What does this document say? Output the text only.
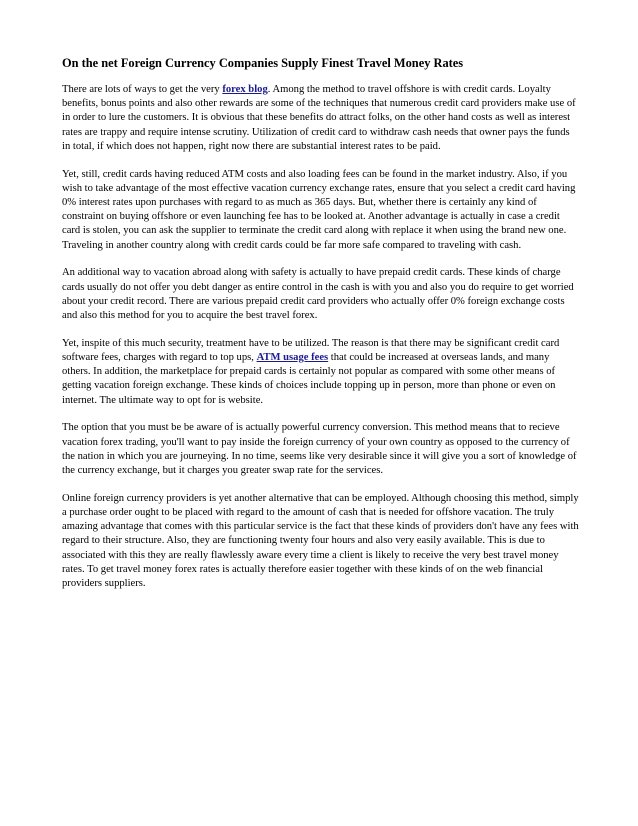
On the net Foreign Currency Companies Supply Finest Travel Money Rates

There are lots of ways to get the very forex blog. Among the method to travel offshore is with credit cards. Loyalty benefits, bonus points and also other rewards are some of the techniques that numerous credit card providers make use of in order to lure the customers. It is obvious that these benefits do attract folks, on the other hand costs as well as interest rates are trappy and require intense scrutiny. Utilization of credit card to withdraw cash needs that owner pays the funds in total, if which does not happen, right now there are substantial interest rates to be paid.

Yet, still, credit cards having reduced ATM costs and also loading fees can be found in the market industry. Also, if you wish to take advantage of the most effective vacation currency exchange rates, ensure that you select a credit card having 0% interest rates upon purchases with regard to as much as 365 days. But, whether there is certainly any kind of constraint on buying offshore or even launching fee has to be looked at. Another advantage is actually in case a credit card is stolen, you can ask the supplier to terminate the credit card along with replace it when using the brand new one. Traveling in another country along with credit cards could be far more safe compared to traveling with cash.

An additional way to vacation abroad along with safety is actually to have prepaid credit cards. These kinds of charge cards usually do not offer you debt danger as entire control in the cash is with you and also you do require to get worried about your credit record. There are various prepaid credit card providers who actually offer 0% foreign exchange costs and also this method for you to acquire the best travel forex.

Yet, inspite of this much security, treatment have to be utilized. The reason is that there may be significant credit card software fees, charges with regard to top ups, ATM usage fees that could be increased at overseas lands, and many others. In addition, the marketplace for prepaid cards is certainly not popular as compared with some other means of getting vacation foreign exchange. These kinds of choices include topping up in person, more than phone or even on internet. The ultimate way to opt for is website.

The option that you must be be aware of is actually powerful currency conversion. This method means that to recieve vacation forex trading, you'll want to pay inside the foreign currency of your own country as opposed to the currency of the nation in which you are journeying. In no time, seems like very desirable since it will give you a sort of knowledge of the currency exchange, but it charges you greater swap rate for the services.

Online foreign currency providers is yet another alternative that can be employed. Although choosing this method, simply a purchase order ought to be placed with regard to the amount of cash that is needed for offshore vacation. The truly amazing advantage that comes with this particular service is the fact that these kinds of providers don't have any fees with regard to their structure. Also, they are functioning twenty four hours and also very easily available. This is due to associated with this they are really flawlessly aware every time a client is likely to receive the very best travel money rates. To get travel money forex rates is actually therefore easier together with these kinds of on the web financial providers suppliers.
